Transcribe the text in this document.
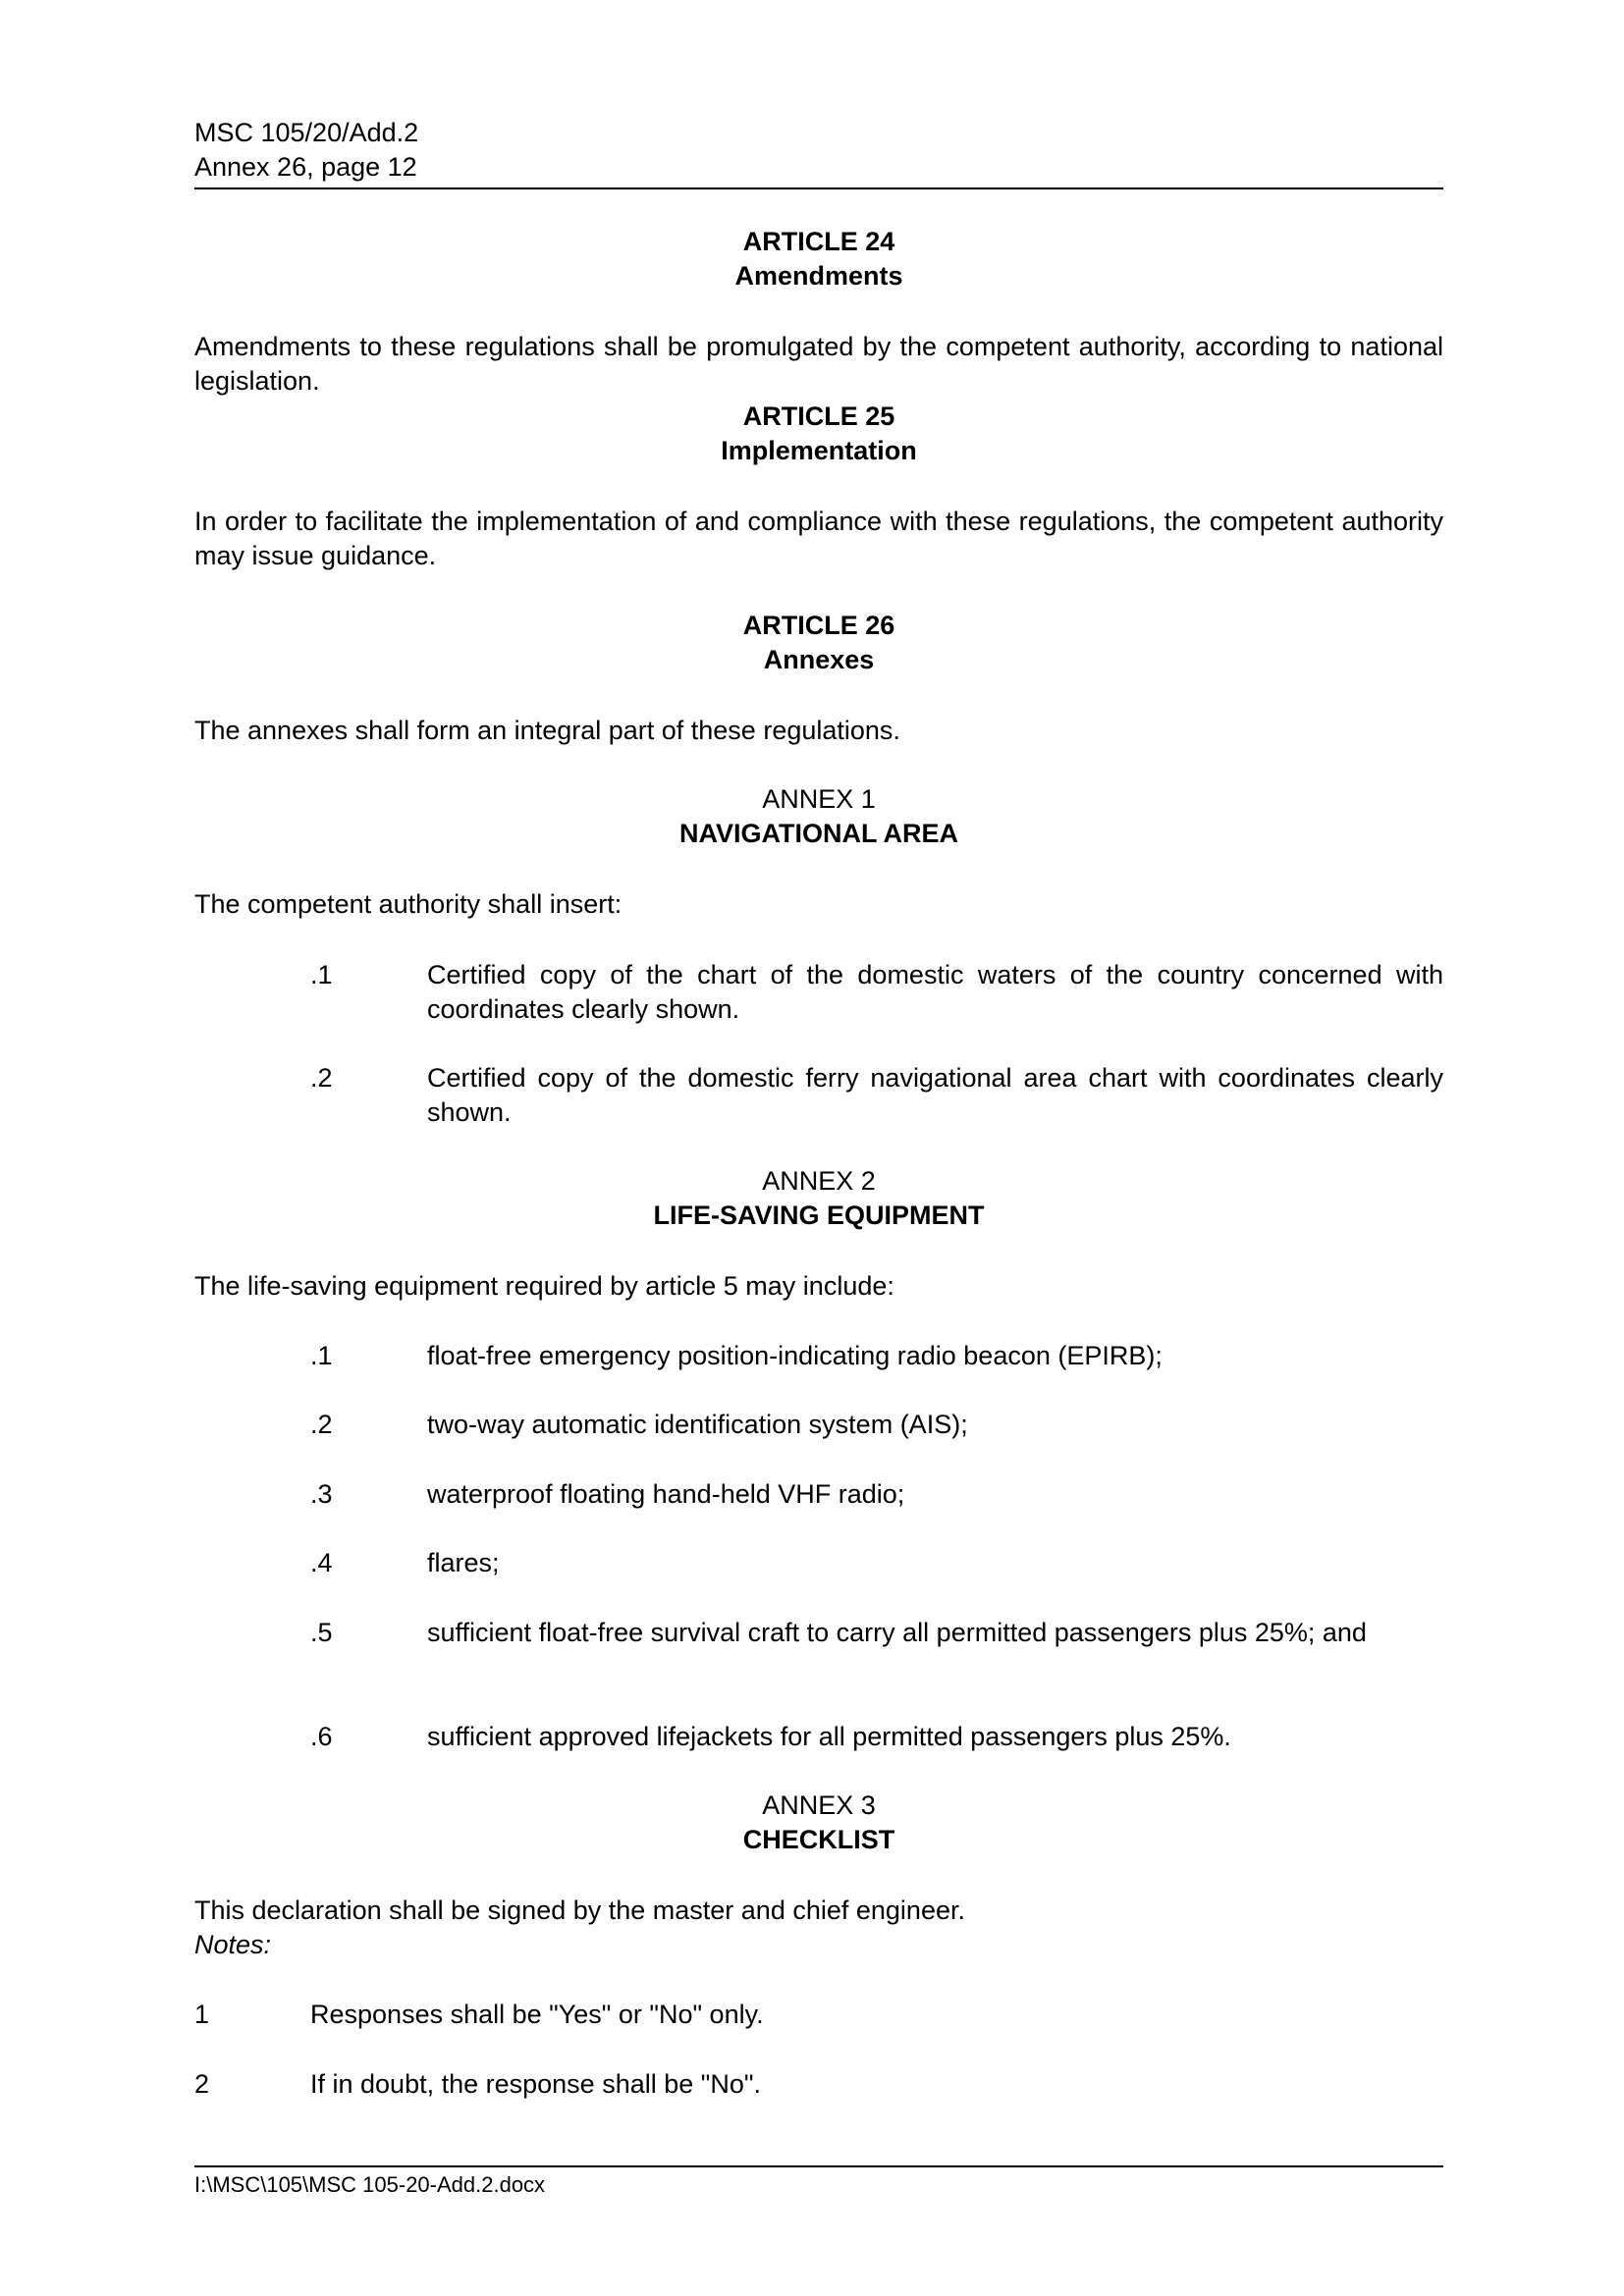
MSC 105/20/Add.2

Annex 26, page 12

ARTICLE 24

Amendments

Amendments to these regulations shall be promulgated by the competent authority, according to national legislation.

ARTICLE 25

Implementation

In order to facilitate the implementation of and compliance with these regulations, the competent authority may issue guidance.

ARTICLE 26

Annexes

The annexes shall form an integral part of these regulations.

ANNEX 1

NAVIGATIONAL AREA

The competent authority shall insert:

.1	Certified copy of the chart of the domestic waters of the country concerned with coordinates clearly shown.
.2	Certified copy of the domestic ferry navigational area chart with coordinates clearly shown.

ANNEX 2

LIFE-SAVING EQUIPMENT

The life-saving equipment required by article 5 may include:

.1	float-free emergency position-indicating radio beacon (EPIRB);
.2	two-way automatic identification system (AIS);
.3	waterproof floating hand-held VHF radio;
.4	flares;
.5	sufficient float-free survival craft to carry all permitted passengers plus 25%; and
.6	sufficient approved lifejackets for all permitted passengers plus 25%.

ANNEX 3

CHECKLIST

This declaration shall be signed by the master and chief engineer.

Notes:

1	Responses shall be "Yes" or "No" only.
2	If in doubt, the response shall be "No".
I:\MSC\105\MSC 105-20-Add.2.docx
